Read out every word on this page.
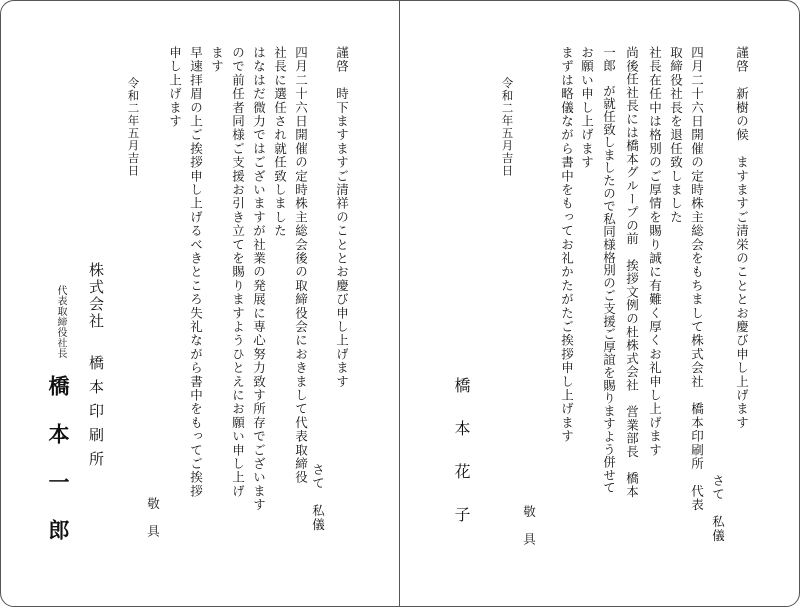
謹啓　時下ますますご清祥のこととお慶び申し上げます
さて　私儀
四月二十六日開催の定時株主総会後の取締役会におきまして代表取締役
社長に選任され就任致しました
はなはだ微力ではございますが社業の発展に専心努力致す所存でございます
ので前任者同様ご支援お引き立てを賜りますようひとえにお願い申し上げ
ます
早速拝眉の上ご挨拶申し上げるべきところ失礼ながら書中をもってご挨拶
申し上げます
敬　具
令和二年五月吉日
株式会社
橋本印刷所
代表取締役社長
橋本一郎
謹啓　新樹の候　ますますご清栄のこととお慶び申し上げます
さて　私儀
四月二十六日開催の定時株主総会をもちまして株式会社　橋本印刷所　代表
取締役社長を退任致しました
社長在任中は格別のご厚情を賜り誠に有難く厚くお礼申し上げます
尚後任社長には橋本グループの前　挨拶文例の杜株式会社　営業部長　橋本
一郎　が就任致しましたので私同様格別のご支援ご厚誼を賜りますよう併せて
お願い申し上げます
まずは略儀ながら書中をもってお礼かたがたご挨拶申し上げます
敬　具
令和二年五月吉日
橋本花子
